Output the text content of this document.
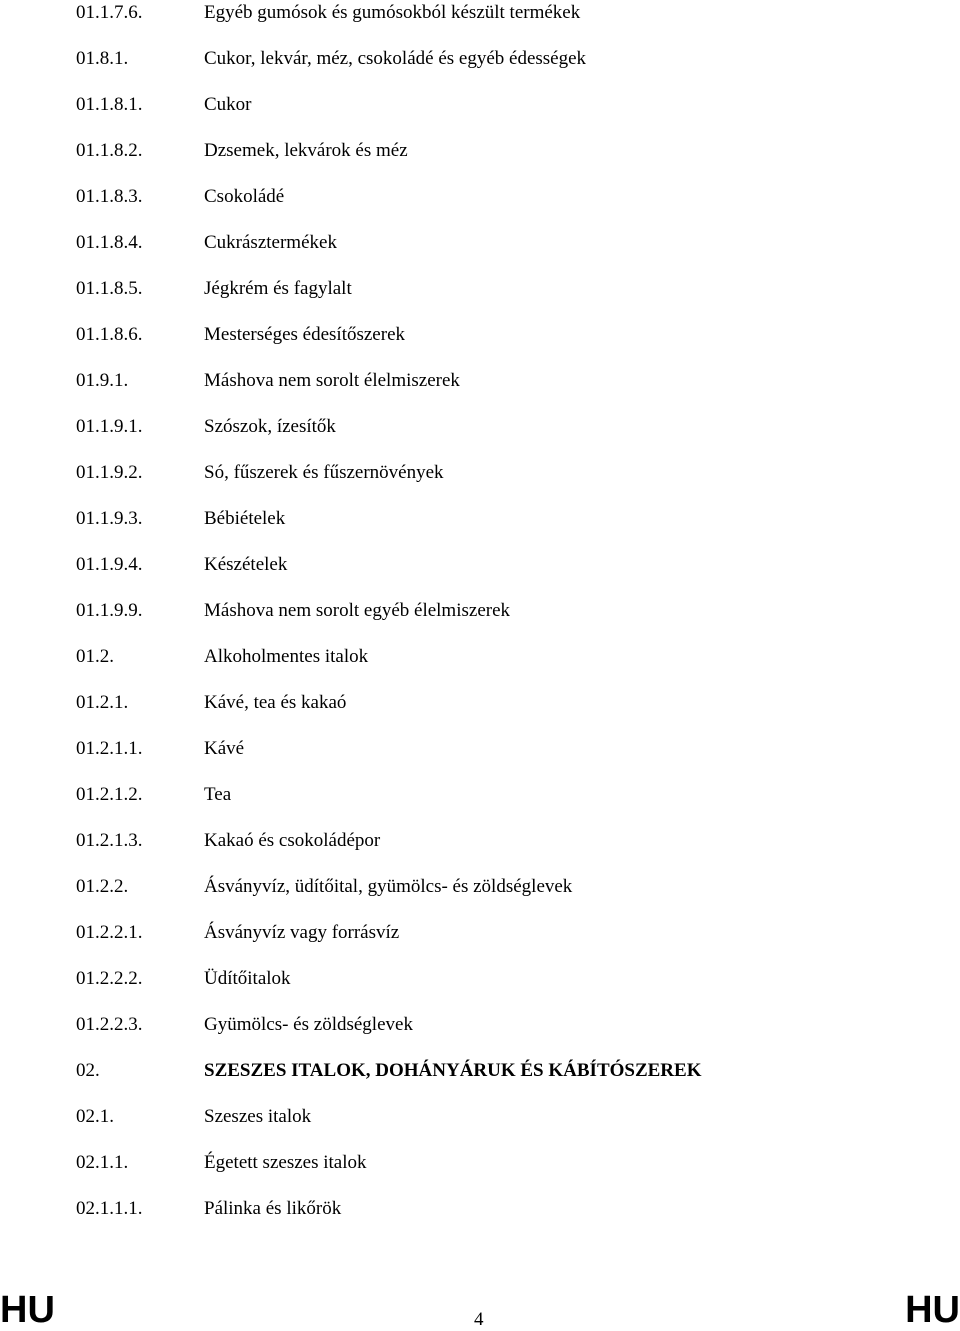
01.1.7.6.	Egyéb gumósok és gumósokból készült termékek
01.8.1.	Cukor, lekvár, méz, csokoládé és egyéb édességek
01.1.8.1.	Cukor
01.1.8.2.	Dzsemek, lekvárok és méz
01.1.8.3.	Csokoládé
01.1.8.4.	Cukrásztermékek
01.1.8.5.	Jégkrém és fagylalt
01.1.8.6.	Mesterséges édesítőszerek
01.9.1.	Máshova nem sorolt élelmiszerek
01.1.9.1.	Szószok, ízesítők
01.1.9.2.	Só, fűszerek és fűszernövények
01.1.9.3.	Bébiételek
01.1.9.4.	Készételek
01.1.9.9.	Máshova nem sorolt egyéb élelmiszerek
01.2.	Alkoholmentes italok
01.2.1.	Kávé, tea és kakaó
01.2.1.1.	Kávé
01.2.1.2.	Tea
01.2.1.3.	Kakaó és csokoládépor
01.2.2.	Ásványvíz, üdítőital, gyümölcs- és zöldséglevek
01.2.2.1.	Ásványvíz vagy forrásvíz
01.2.2.2.	Üdítőitalok
01.2.2.3.	Gyümölcs- és zöldséglevek
02.	SZESZES ITALOK, DOHÁNYÁRUK ÉS KÁBÍTÓSZEREK
02.1.	Szeszes italok
02.1.1.	Égetett szeszes italok
02.1.1.1.	Pálinka és likőrök
HU	4	HU
